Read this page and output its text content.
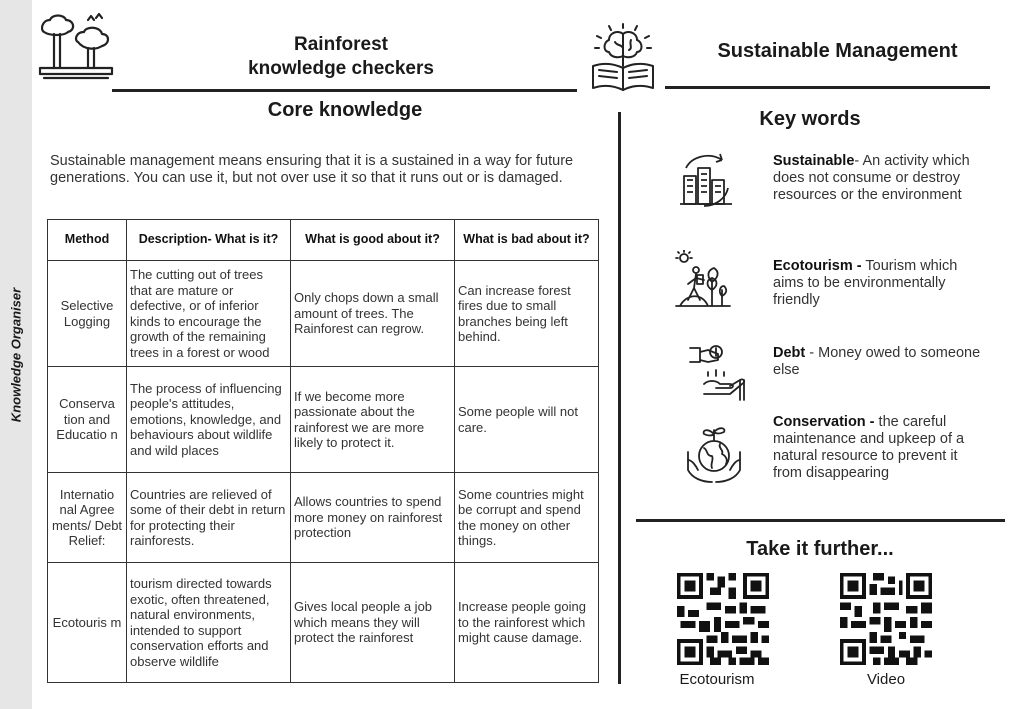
Knowledge Organiser
Rainforest
knowledge checkers
Sustainable Management
Core knowledge
Sustainable management means ensuring that it is a sustained in a way for future generations. You can use it, but not over use it so that it runs out or is damaged.
Method	Description- What is it?	What is good about it?	What is bad about it?
Selective Logging	The cutting out of trees that are mature or defective, or of inferior kinds to encourage the growth of the remaining trees in a forest or wood	Only chops down a small amount of trees. The Rainforest can regrow.	Can increase forest fires due to small branches being left behind.
Conserva tion and Educatio n	The process of influencing people's attitudes, emotions, knowledge, and behaviours about wildlife and wild places	If we become more passionate about the rainforest we are more likely to protect it.	Some people will not care.
Internatio nal Agree ments/ Debt Relief:	Countries are relieved of some of their debt in return for protecting their rainforests.	Allows countries to spend more money on rainforest protection	Some countries might be corrupt and spend the money on other things.
Ecotouris m	tourism directed towards exotic, often threatened, natural environments, intended to support conservation efforts and observe wildlife	Gives local people a job which means they will protect the rainforest	Increase people going to the rainforest which might cause damage.
Key words
Sustainable- An activity which does not consume or destroy resources or the environment
Ecotourism - Tourism which aims to be environmentally friendly
Debt - Money owed to someone else
Conservation - the careful maintenance and upkeep of a natural resource to prevent it from disappearing
Take it further...
Ecotourism	Video
